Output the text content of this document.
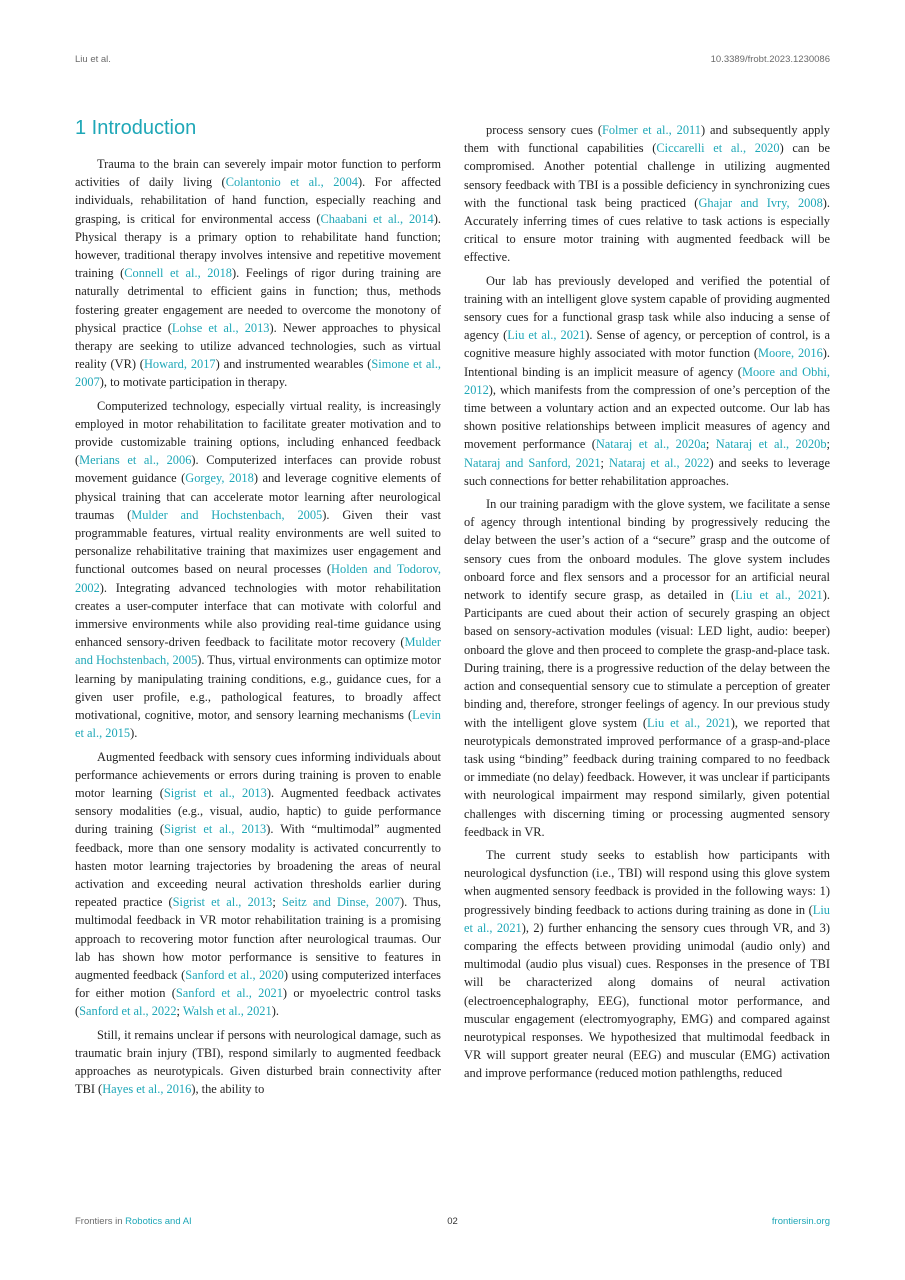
Liu et al.	10.3389/frobt.2023.1230086
1 Introduction

Trauma to the brain can severely impair motor function to perform activities of daily living (Colantonio et al., 2004). For affected individuals, rehabilitation of hand function, especially reaching and grasping, is critical for environmental access (Chaabani et al., 2014). Physical therapy is a primary option to rehabilitate hand function; however, traditional therapy involves intensive and repetitive movement training (Connell et al., 2018). Feelings of rigor during training are naturally detrimental to efficient gains in function; thus, methods fostering greater engagement are needed to overcome the monotony of physical practice (Lohse et al., 2013). Newer approaches to physical therapy are seeking to utilize advanced technologies, such as virtual reality (VR) (Howard, 2017) and instrumented wearables (Simone et al., 2007), to motivate participation in therapy.

Computerized technology, especially virtual reality, is increasingly employed in motor rehabilitation to facilitate greater motivation and to provide customizable training options, including enhanced feedback (Merians et al., 2006). Computerized interfaces can provide robust movement guidance (Gorgey, 2018) and leverage cognitive elements of physical training that can accelerate motor learning after neurological traumas (Mulder and Hochstenbach, 2005). Given their vast programmable features, virtual reality environments are well suited to personalize rehabilitative training that maximizes user engagement and functional outcomes based on neural processes (Holden and Todorov, 2002). Integrating advanced technologies with motor rehabilitation creates a user-computer interface that can motivate with colorful and immersive environments while also providing real-time guidance using enhanced sensory-driven feedback to facilitate motor recovery (Mulder and Hochstenbach, 2005). Thus, virtual environments can optimize motor learning by manipulating training conditions, e.g., guidance cues, for a given user profile, e.g., pathological features, to broadly affect motivational, cognitive, motor, and sensory learning mechanisms (Levin et al., 2015).

Augmented feedback with sensory cues informing individuals about performance achievements or errors during training is proven to enable motor learning (Sigrist et al., 2013). Augmented feedback activates sensory modalities (e.g., visual, audio, haptic) to guide performance during training (Sigrist et al., 2013). With “multimodal” augmented feedback, more than one sensory modality is activated concurrently to hasten motor learning trajectories by broadening the areas of neural activation and exceeding neural activation thresholds earlier during repeated practice (Sigrist et al., 2013; Seitz and Dinse, 2007). Thus, multimodal feedback in VR motor rehabilitation training is a promising approach to recovering motor function after neurological traumas. Our lab has shown how motor performance is sensitive to features in augmented feedback (Sanford et al., 2020) using computerized interfaces for either motion (Sanford et al., 2021) or myoelectric control tasks (Sanford et al., 2022; Walsh et al., 2021).

Still, it remains unclear if persons with neurological damage, such as traumatic brain injury (TBI), respond similarly to augmented feedback approaches as neurotypicals. Given disturbed brain connectivity after TBI (Hayes et al., 2016), the ability to

process sensory cues (Folmer et al., 2011) and subsequently apply them with functional capabilities (Ciccarelli et al., 2020) can be compromised. Another potential challenge in utilizing augmented sensory feedback with TBI is a possible deficiency in synchronizing cues with the functional task being practiced (Ghajar and Ivry, 2008). Accurately inferring times of cues relative to task actions is especially critical to ensure motor training with augmented feedback will be effective.

Our lab has previously developed and verified the potential of training with an intelligent glove system capable of providing augmented sensory cues for a functional grasp task while also inducing a sense of agency (Liu et al., 2021). Sense of agency, or perception of control, is a cognitive measure highly associated with motor function (Moore, 2016). Intentional binding is an implicit measure of agency (Moore and Obhi, 2012), which manifests from the compression of one’s perception of the time between a voluntary action and an expected outcome. Our lab has shown positive relationships between implicit measures of agency and movement performance (Nataraj et al., 2020a; Nataraj et al., 2020b; Nataraj and Sanford, 2021; Nataraj et al., 2022) and seeks to leverage such connections for better rehabilitation approaches.

In our training paradigm with the glove system, we facilitate a sense of agency through intentional binding by progressively reducing the delay between the user’s action of a “secure” grasp and the outcome of sensory cues from the onboard modules. The glove system includes onboard force and flex sensors and a processor for an artificial neural network to identify secure grasp, as detailed in (Liu et al., 2021). Participants are cued about their action of securely grasping an object based on sensory-activation modules (visual: LED light, audio: beeper) onboard the glove and then proceed to complete the grasp-and-place task. During training, there is a progressive reduction of the delay between the action and consequential sensory cue to stimulate a perception of greater binding and, therefore, stronger feelings of agency. In our previous study with the intelligent glove system (Liu et al., 2021), we reported that neurotypicals demonstrated improved performance of a grasp-and-place task using “binding” feedback during training compared to no feedback or immediate (no delay) feedback. However, it was unclear if participants with neurological impairment may respond similarly, given potential challenges with discerning timing or processing augmented sensory feedback in VR.

The current study seeks to establish how participants with neurological dysfunction (i.e., TBI) will respond using this glove system when augmented sensory feedback is provided in the following ways: 1) progressively binding feedback to actions during training as done in (Liu et al., 2021), 2) further enhancing the sensory cues through VR, and 3) comparing the effects between providing unimodal (audio only) and multimodal (audio plus visual) cues. Responses in the presence of TBI will be characterized along domains of neural activation (electroencephalography, EEG), functional motor performance, and muscular engagement (electromyography, EMG) and compared against neurotypical responses. We hypothesized that multimodal feedback in VR will support greater neural (EEG) and muscular (EMG) activation and improve performance (reduced motion pathlengths, reduced

Frontiers in Robotics and AI	02	frontiersin.org
